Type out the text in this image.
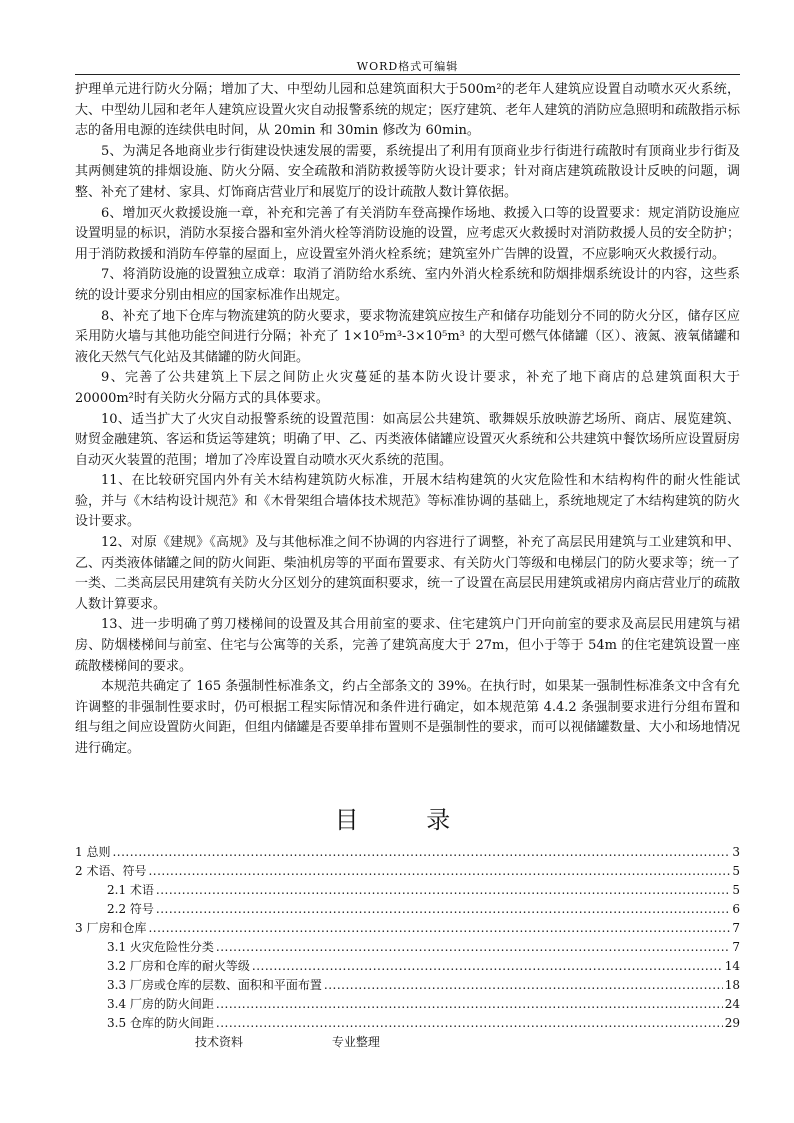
WORD格式可编辑

护理单元进行防火分隔；增加了大、中型幼儿园和总建筑面积大于500m²的老年人建筑应设置自动喷水灭火系统，大、中型幼儿园和老年人建筑应设置火灾自动报警系统的规定；医疗建筑、老年人建筑的消防应急照明和疏散指示标志的备用电源的连续供电时间，从 20min 和 30min 修改为 60min。

5、为满足各地商业步行街建设快速发展的需要，系统提出了利用有顶商业步行街进行疏散时有顶商业步行街及其两侧建筑的排烟设施、防火分隔、安全疏散和消防救援等防火设计要求；针对商店建筑疏散设计反映的问题，调整、补充了建材、家具、灯饰商店营业厅和展览厅的设计疏散人数计算依据。

6、增加灭火救援设施一章，补充和完善了有关消防车登高操作场地、救援入口等的设置要求：规定消防设施应设置明显的标识，消防水泵接合器和室外消火栓等消防设施的设置，应考虑灭火救援时对消防救援人员的安全防护；用于消防救援和消防车停靠的屋面上，应设置室外消火栓系统；建筑室外广告牌的设置，不应影响灭火救援行动。

7、将消防设施的设置独立成章：取消了消防给水系统、室内外消火栓系统和防烟排烟系统设计的内容，这些系统的设计要求分别由相应的国家标准作出规定。

8、补充了地下仓库与物流建筑的防火要求，要求物流建筑应按生产和储存功能划分不同的防火分区，储存区应采用防火墙与其他功能空间进行分隔；补充了 1×10⁵m³-3×10⁵m³ 的大型可燃气体储罐（区）、液氮、液氧储罐和液化天然气气化站及其储罐的防火间距。

9、完善了公共建筑上下层之间防止火灾蔓延的基本防火设计要求，补充了地下商店的总建筑面积大于20000m²时有关防火分隔方式的具体要求。

10、适当扩大了火灾自动报警系统的设置范围：如高层公共建筑、歌舞娱乐放映游艺场所、商店、展览建筑、财贸金融建筑、客运和货运等建筑；明确了甲、乙、丙类液体储罐应设置灭火系统和公共建筑中餐饮场所应设置厨房自动灭火装置的范围；增加了冷库设置自动喷水灭火系统的范围。

11、在比较研究国内外有关木结构建筑防火标准，开展木结构建筑的火灾危险性和木结构构件的耐火性能试验，并与《木结构设计规范》和《木骨架组合墙体技术规范》等标准协调的基础上，系统地规定了木结构建筑的防火设计要求。

12、对原《建规》《高规》及与其他标准之间不协调的内容进行了调整，补充了高层民用建筑与工业建筑和甲、乙、丙类液体储罐之间的防火间距、柴油机房等的平面布置要求、有关防火门等级和电梯层门的防火要求等；统一了一类、二类高层民用建筑有关防火分区划分的建筑面积要求，统一了设置在高层民用建筑或裙房内商店营业厅的疏散人数计算要求。

13、进一步明确了剪刀楼梯间的设置及其合用前室的要求、住宅建筑户门开向前室的要求及高层民用建筑与裙房、防烟楼梯间与前室、住宅与公寓等的关系，完善了建筑高度大于 27m，但小于等于 54m 的住宅建筑设置一座疏散楼梯间的要求。

本规范共确定了 165 条强制性标准条文，约占全部条文的 39%。在执行时，如果某一强制性标准条文中含有允许调整的非强制性要求时，仍可根据工程实际情况和条件进行确定，如本规范第 4.4.2 条强制要求进行分组布置和组与组之间应设置防火间距，但组内储罐是否要单排布置则不是强制性的要求，而可以视储罐数量、大小和场地情况进行确定。

目 录
1 总则 .....	3
2 术语、符号 .....	5
2.1 术语 .....	5
2.2 符号 .....	6
3 厂房和仓库 .....	7
3.1 火灾危险性分类 .....	7
3.2 厂房和仓库的耐火等级 .....	14
3.3 厂房或仓库的层数、面积和平面布置 .....	18
3.4 厂房的防火间距 .....	24
3.5 仓库的防火间距 .....	29
技术资料	专业整理
